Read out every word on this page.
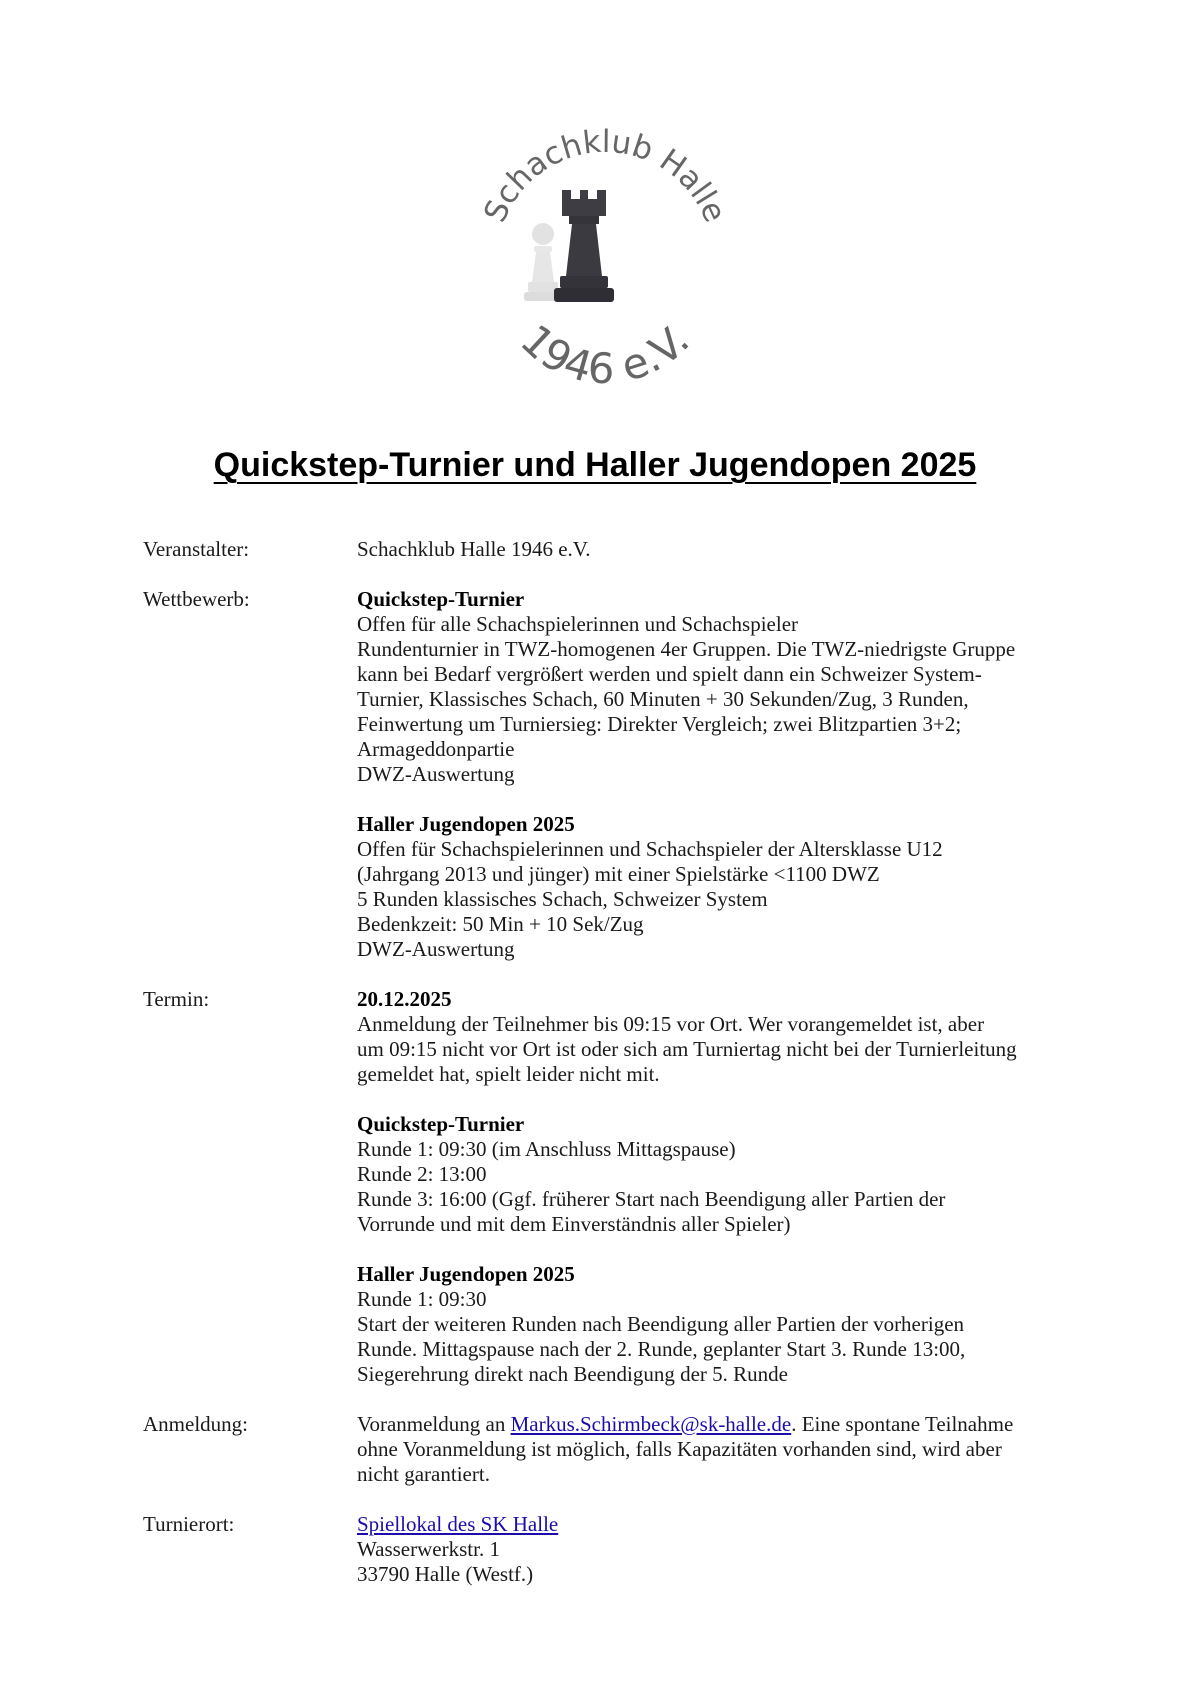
Schachklub Halle
1946 e.V.
Quickstep-Turnier und Haller Jugendopen 2025
Veranstalter:	Schachklub Halle 1946 e.V.
Wettbewerb:	Quickstep-Turnier
Offen für alle Schachspielerinnen und Schachspieler
Rundenturnier in TWZ-homogenen 4er Gruppen. Die TWZ-niedrigste Gruppe
kann bei Bedarf vergrößert werden und spielt dann ein Schweizer System-
Turnier, Klassisches Schach, 60 Minuten + 30 Sekunden/Zug, 3 Runden,
Feinwertung um Turniersieg: Direkter Vergleich; zwei Blitzpartien 3+2;
Armageddonpartie
DWZ-Auswertung
Haller Jugendopen 2025
Offen für Schachspielerinnen und Schachspieler der Altersklasse U12
(Jahrgang 2013 und jünger) mit einer Spielstärke <1100 DWZ
5 Runden klassisches Schach, Schweizer System
Bedenkzeit: 50 Min + 10 Sek/Zug
DWZ-Auswertung
Termin:	20.12.2025
Anmeldung der Teilnehmer bis 09:15 vor Ort. Wer vorangemeldet ist, aber
um 09:15 nicht vor Ort ist oder sich am Turniertag nicht bei der Turnierleitung
gemeldet hat, spielt leider nicht mit.
Quickstep-Turnier
Runde 1: 09:30 (im Anschluss Mittagspause)
Runde 2: 13:00
Runde 3: 16:00 (Ggf. früherer Start nach Beendigung aller Partien der
Vorrunde und mit dem Einverständnis aller Spieler)
Haller Jugendopen 2025
Runde 1: 09:30
Start der weiteren Runden nach Beendigung aller Partien der vorherigen
Runde. Mittagspause nach der 2. Runde, geplanter Start 3. Runde 13:00,
Siegerehrung direkt nach Beendigung der 5. Runde
Anmeldung:	Voranmeldung an Markus.Schirmbeck@sk-halle.de. Eine spontane Teilnahme
ohne Voranmeldung ist möglich, falls Kapazitäten vorhanden sind, wird aber
nicht garantiert.
Turnierort:	Spiellokal des SK Halle
Wasserwerkstr. 1
33790 Halle (Westf.)
